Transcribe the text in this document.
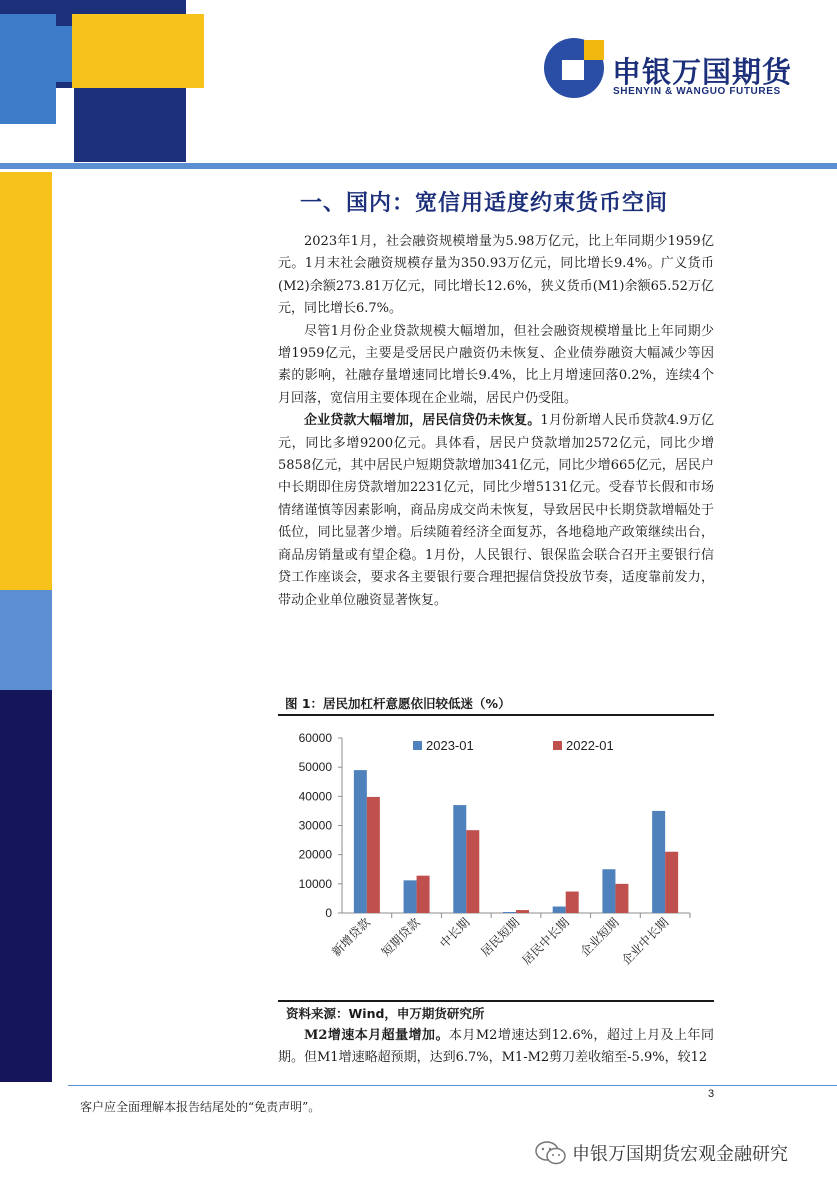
申银万国期货
SHENYIN & WANGUO FUTURES
一、国内：宽信用适度约束货币空间

2023年1月，社会融资规模增量为5.98万亿元，比上年同期少1959亿元。1月末社会融资规模存量为350.93万亿元，同比增长9.4%。广义货币(M2)余额273.81万亿元，同比增长12.6%，狭义货币(M1)余额65.52万亿元，同比增长6.7%。

尽管1月份企业贷款规模大幅增加，但社会融资规模增量比上年同期少增1959亿元，主要是受居民户融资仍未恢复、企业债券融资大幅减少等因素的影响，社融存量增速同比增长9.4%，比上月增速回落0.2%，连续4个月回落，宽信用主要体现在企业端，居民户仍受阻。

企业贷款大幅增加，居民信贷仍未恢复。1月份新增人民币贷款4.9万亿元，同比多增9200亿元。具体看，居民户贷款增加2572亿元，同比少增5858亿元，其中居民户短期贷款增加341亿元，同比少增665亿元，居民户中长期即住房贷款增加2231亿元，同比少增5131亿元。受春节长假和市场情绪谨慎等因素影响，商品房成交尚未恢复，导致居民中长期贷款增幅处于低位，同比显著少增。后续随着经济全面复苏，各地稳地产政策继续出台，商品房销量或有望企稳。1月份，人民银行、银保监会联合召开主要银行信贷工作座谈会，要求各主要银行要合理把握信贷投放节奏，适度靠前发力，带动企业单位融资显著恢复。

图 1：居民加杠杆意愿依旧较低迷（%）
0
10000
20000
30000
40000
50000
60000
新增贷款 短期贷款 中长期 居民短期
居民中长期 企业短期
企业中长期
2023-01	2022-01
资料来源：Wind，申万期货研究所

M2增速本月超量增加。本月M2增速达到12.6%，超过上月及上年同期。但M1增速略超预期，达到6.7%，M1-M2剪刀差收缩至-5.9%，较12

3
客户应全面理解本报告结尾处的“免责声明”。
申银万国期货宏观金融研究
